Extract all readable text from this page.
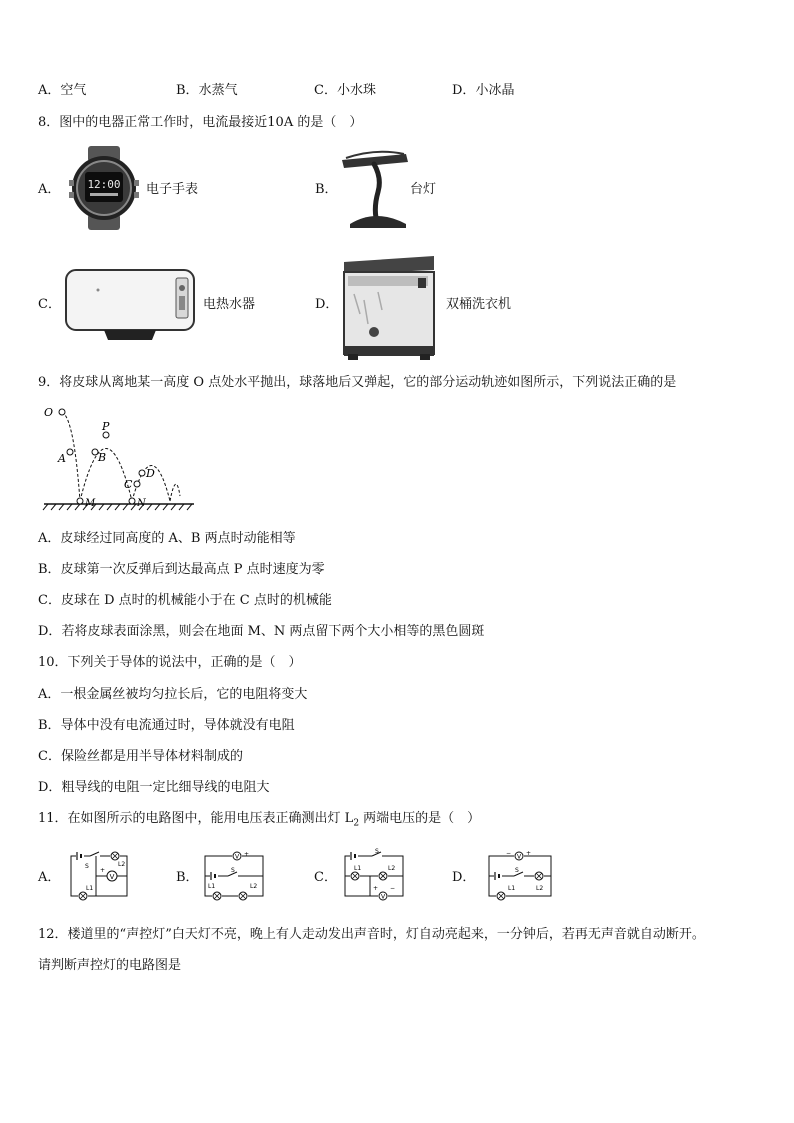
A．空气	B．水蒸气	C．小水珠	D．小冰晶
8．图中的电器正常工作时，电流最接近10A 的是（　）
A． 12:00 电子手表	B．	台灯
C．	电热水器	D．	双桶洗衣机
9．将皮球从离地某一高度 O 点处水平抛出，球落地后又弹起，它的部分运动轨迹如图所示，下列说法正确的是
O
A	B
P
C
D
M	N
A．皮球经过同高度的 A、B 两点时动能相等
B．皮球第一次反弹后到达最高点 P 点时速度为零
C．皮球在 D 点时的机械能小于在 C 点时的机械能
D．若将皮球表面涂黑，则会在地面 M、N 两点留下两个大小相等的黑色圆斑
10．下列关于导体的说法中，正确的是（　）
A．一根金属丝被均匀拉长后，它的电阻将变大
B．导体中没有电流通过时，导体就没有电阻
C．保险丝都是用半导体材料制成的
D．粗导线的电阻一定比细导线的电阻大
11．在如图所示的电路图中，能用电压表正确测出灯 $L_2$ 两端电压的是（　）
A．	V
S	L2
L1
+	B．
V +
S
L1	L2
C．
S
V
L1	L2
+ −
D．
V +
−
S
L1	L2
12．楼道里的“声控灯”白天灯不亮，晚上有人走动发出声音时，灯自动亮起来，一分钟后，若再无声音就自动断开。
请判断声控灯的电路图是
